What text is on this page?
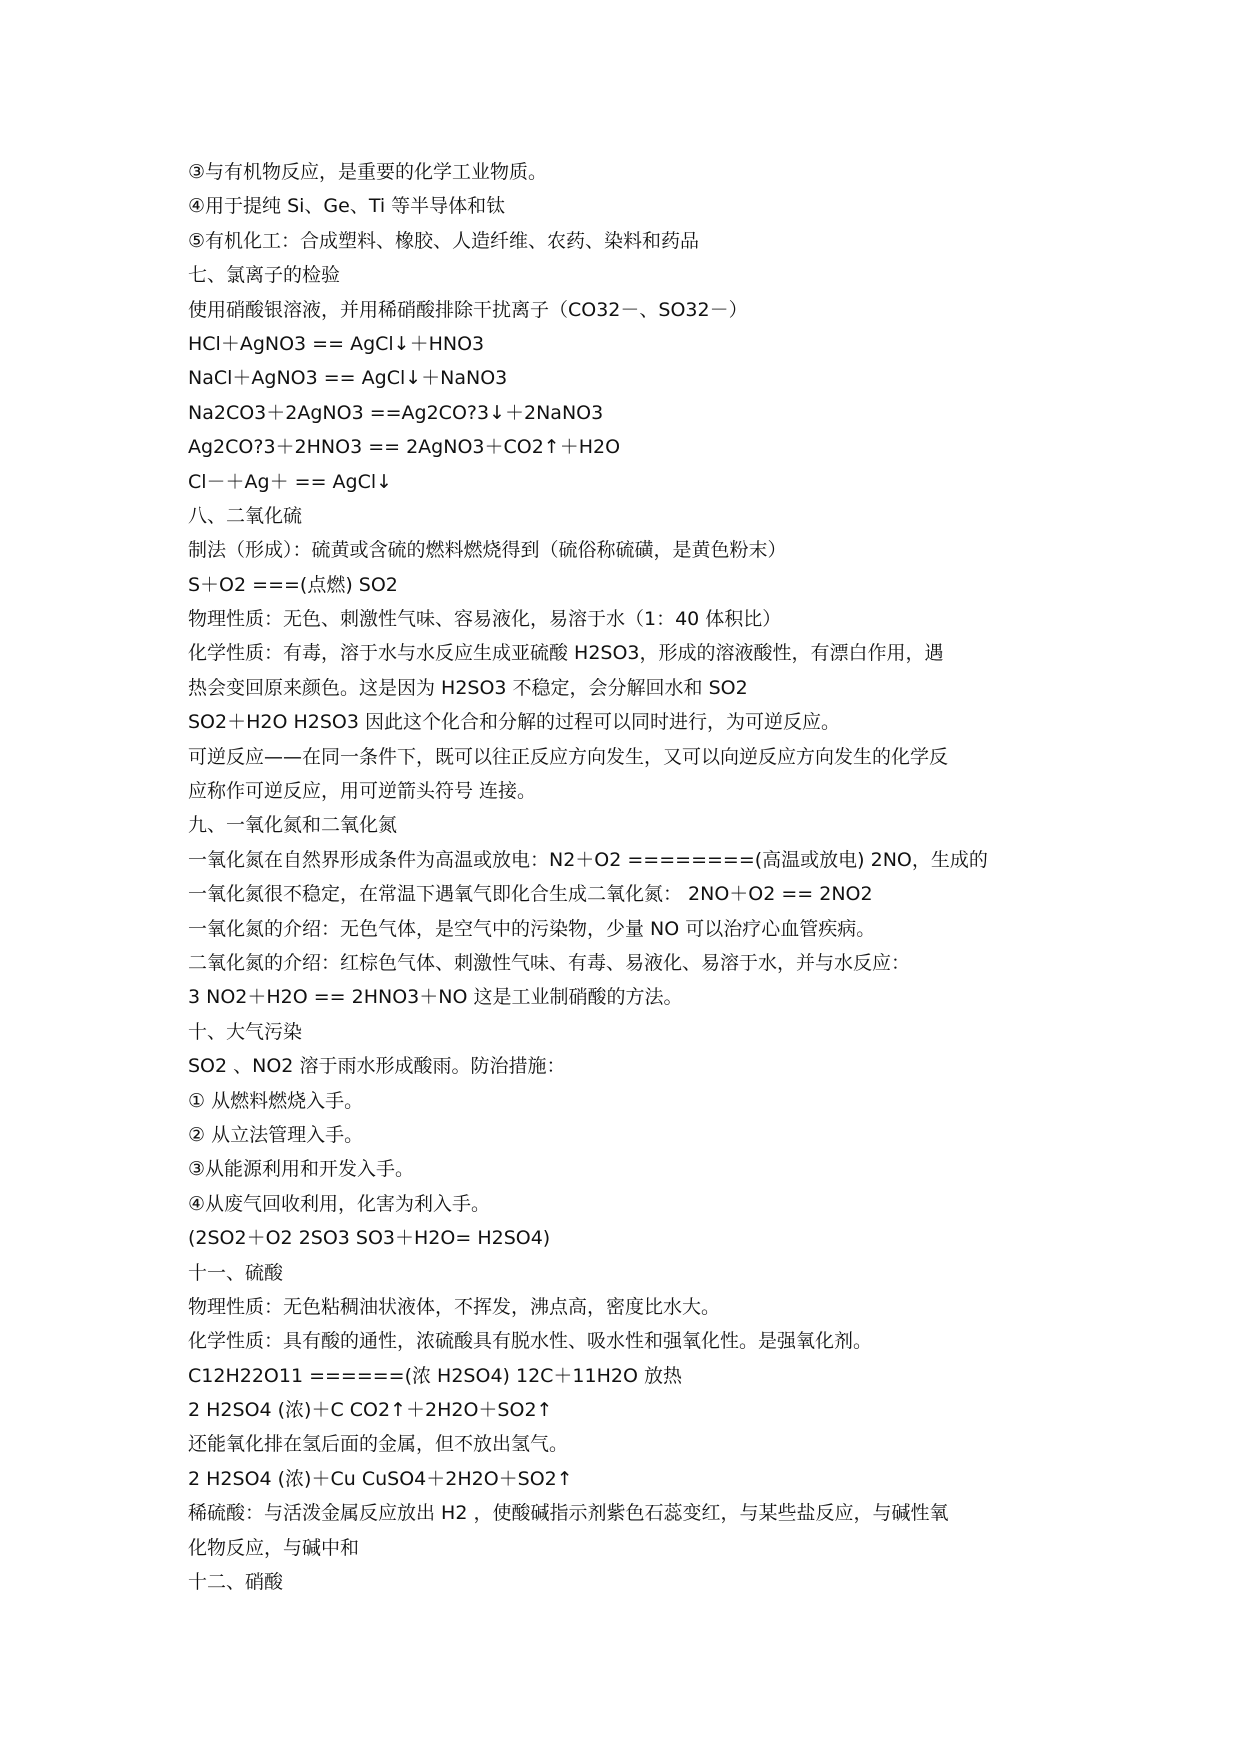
③与有机物反应，是重要的化学工业物质。
④用于提纯 Si、Ge、Ti 等半导体和钛
⑤有机化工：合成塑料、橡胶、人造纤维、农药、染料和药品
七、氯离子的检验
使用硝酸银溶液，并用稀硝酸排除干扰离子（CO32－、SO32－）
HCl＋AgNO3 == AgCl↓＋HNO3
NaCl＋AgNO3 == AgCl↓＋NaNO3
Na2CO3＋2AgNO3 ==Ag2CO?3↓＋2NaNO3
Ag2CO?3＋2HNO3 == 2AgNO3＋CO2↑＋H2O
Cl－＋Ag＋ == AgCl↓
八、二氧化硫
制法（形成）：硫黄或含硫的燃料燃烧得到（硫俗称硫磺，是黄色粉末）
S＋O2 ===(点燃) SO2
物理性质：无色、刺激性气味、容易液化，易溶于水（1：40 体积比）
化学性质：有毒，溶于水与水反应生成亚硫酸 H2SO3，形成的溶液酸性，有漂白作用，遇
热会变回原来颜色。这是因为 H2SO3 不稳定，会分解回水和 SO2
SO2＋H2O H2SO3 因此这个化合和分解的过程可以同时进行，为可逆反应。
可逆反应——在同一条件下，既可以往正反应方向发生，又可以向逆反应方向发生的化学反
应称作可逆反应，用可逆箭头符号 连接。
九、一氧化氮和二氧化氮
一氧化氮在自然界形成条件为高温或放电：N2＋O2 ========(高温或放电) 2NO，生成的
一氧化氮很不稳定，在常温下遇氧气即化合生成二氧化氮： 2NO＋O2 == 2NO2
一氧化氮的介绍：无色气体，是空气中的污染物，少量 NO 可以治疗心血管疾病。
二氧化氮的介绍：红棕色气体、刺激性气味、有毒、易液化、易溶于水，并与水反应：
3 NO2＋H2O == 2HNO3＋NO 这是工业制硝酸的方法。
十、大气污染
SO2 、NO2 溶于雨水形成酸雨。防治措施：
① 从燃料燃烧入手。
② 从立法管理入手。
③从能源利用和开发入手。
④从废气回收利用，化害为利入手。
(2SO2＋O2 2SO3 SO3＋H2O= H2SO4)
十一、硫酸
物理性质：无色粘稠油状液体，不挥发，沸点高，密度比水大。
化学性质：具有酸的通性，浓硫酸具有脱水性、吸水性和强氧化性。是强氧化剂。
C12H22O11 ======(浓 H2SO4) 12C＋11H2O 放热
2 H2SO4 (浓)＋C CO2↑＋2H2O＋SO2↑
还能氧化排在氢后面的金属，但不放出氢气。
2 H2SO4 (浓)＋Cu CuSO4＋2H2O＋SO2↑
稀硫酸：与活泼金属反应放出 H2 ，使酸碱指示剂紫色石蕊变红，与某些盐反应，与碱性氧
化物反应，与碱中和
十二、硝酸
